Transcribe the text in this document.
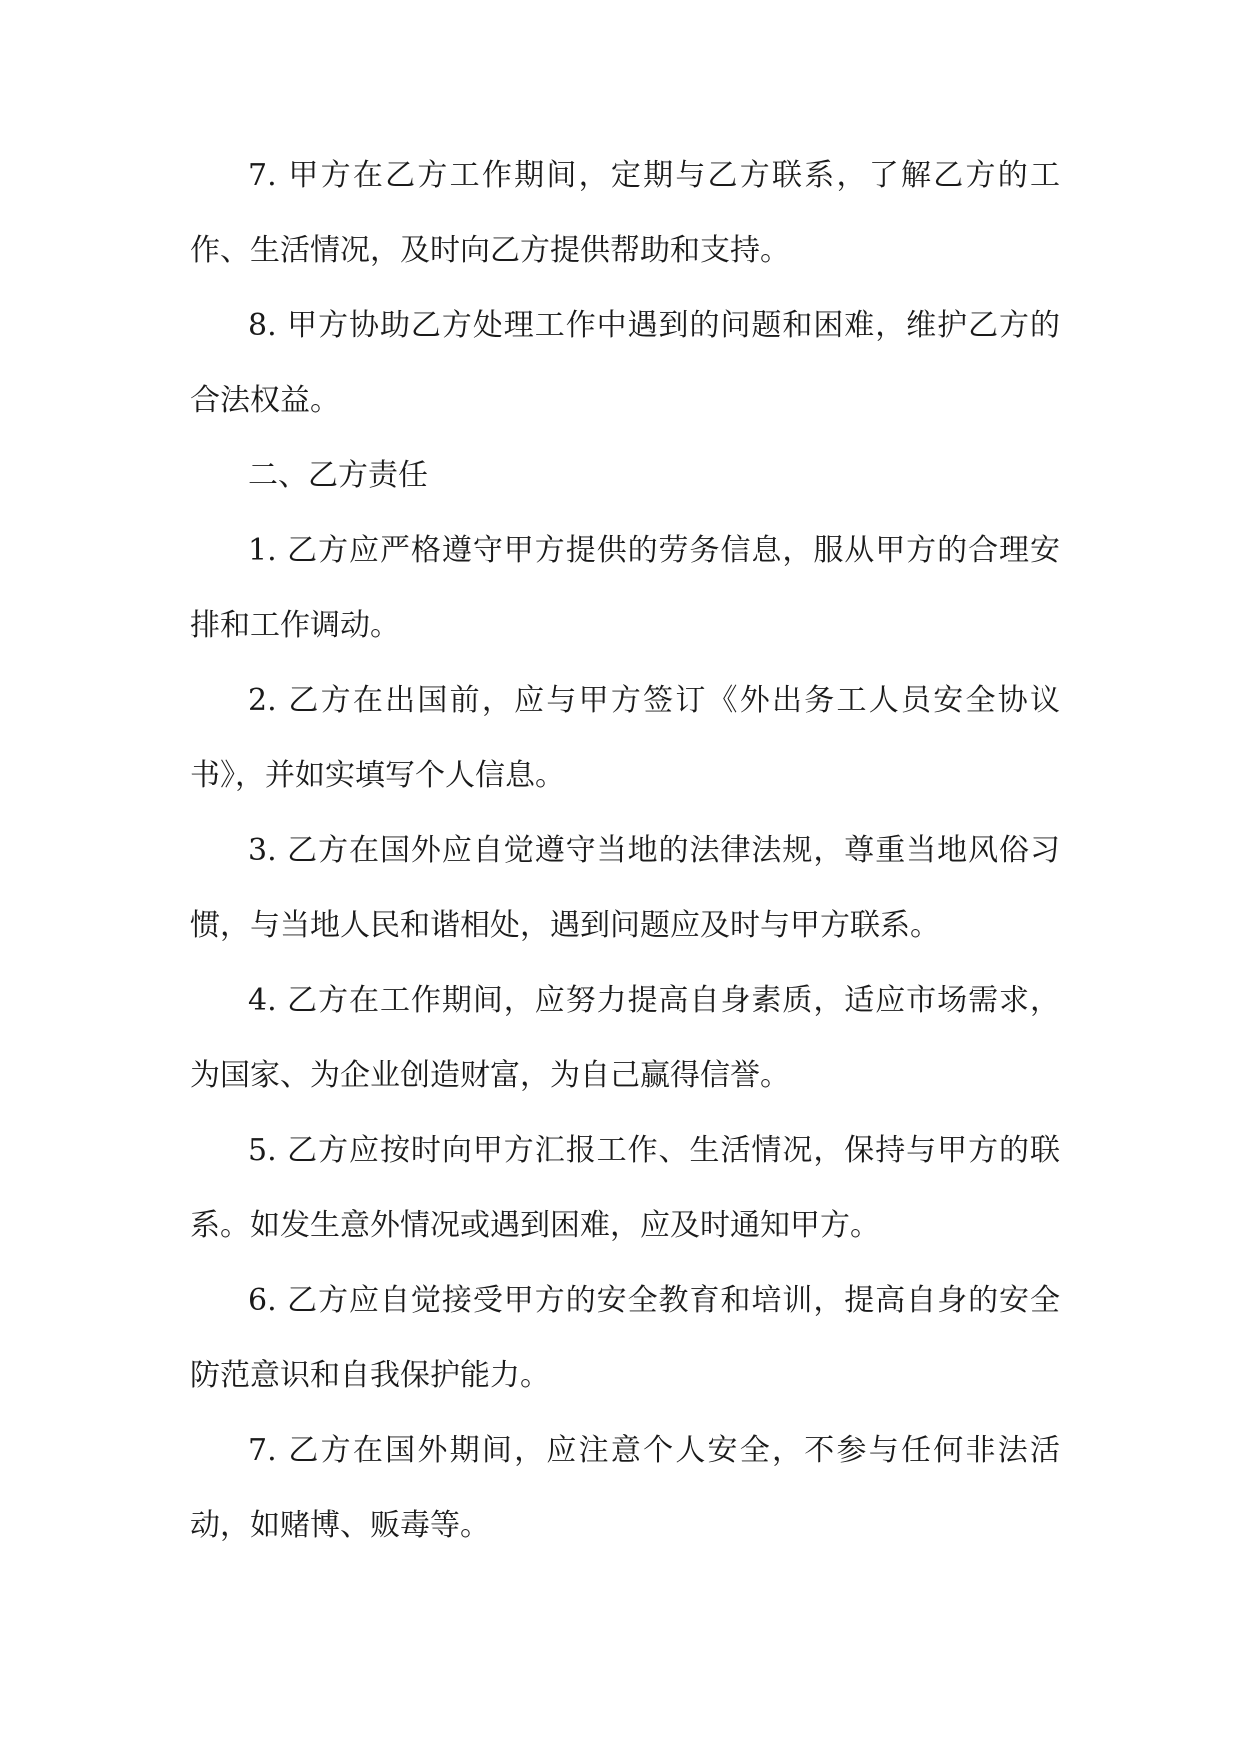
7. 甲方在乙方工作期间，定期与乙方联系，了解乙方的工作、生活情况，及时向乙方提供帮助和支持。

8. 甲方协助乙方处理工作中遇到的问题和困难，维护乙方的合法权益。

二、乙方责任

1. 乙方应严格遵守甲方提供的劳务信息，服从甲方的合理安排和工作调动。

2. 乙方在出国前，应与甲方签订《外出务工人员安全协议书》，并如实填写个人信息。

3. 乙方在国外应自觉遵守当地的法律法规，尊重当地风俗习惯，与当地人民和谐相处，遇到问题应及时与甲方联系。

4. 乙方在工作期间，应努力提高自身素质，适应市场需求，为国家、为企业创造财富，为自己赢得信誉。

5. 乙方应按时向甲方汇报工作、生活情况，保持与甲方的联系。如发生意外情况或遇到困难，应及时通知甲方。

6. 乙方应自觉接受甲方的安全教育和培训，提高自身的安全防范意识和自我保护能力。

7. 乙方在国外期间，应注意个人安全，不参与任何非法活动，如赌博、贩毒等。
